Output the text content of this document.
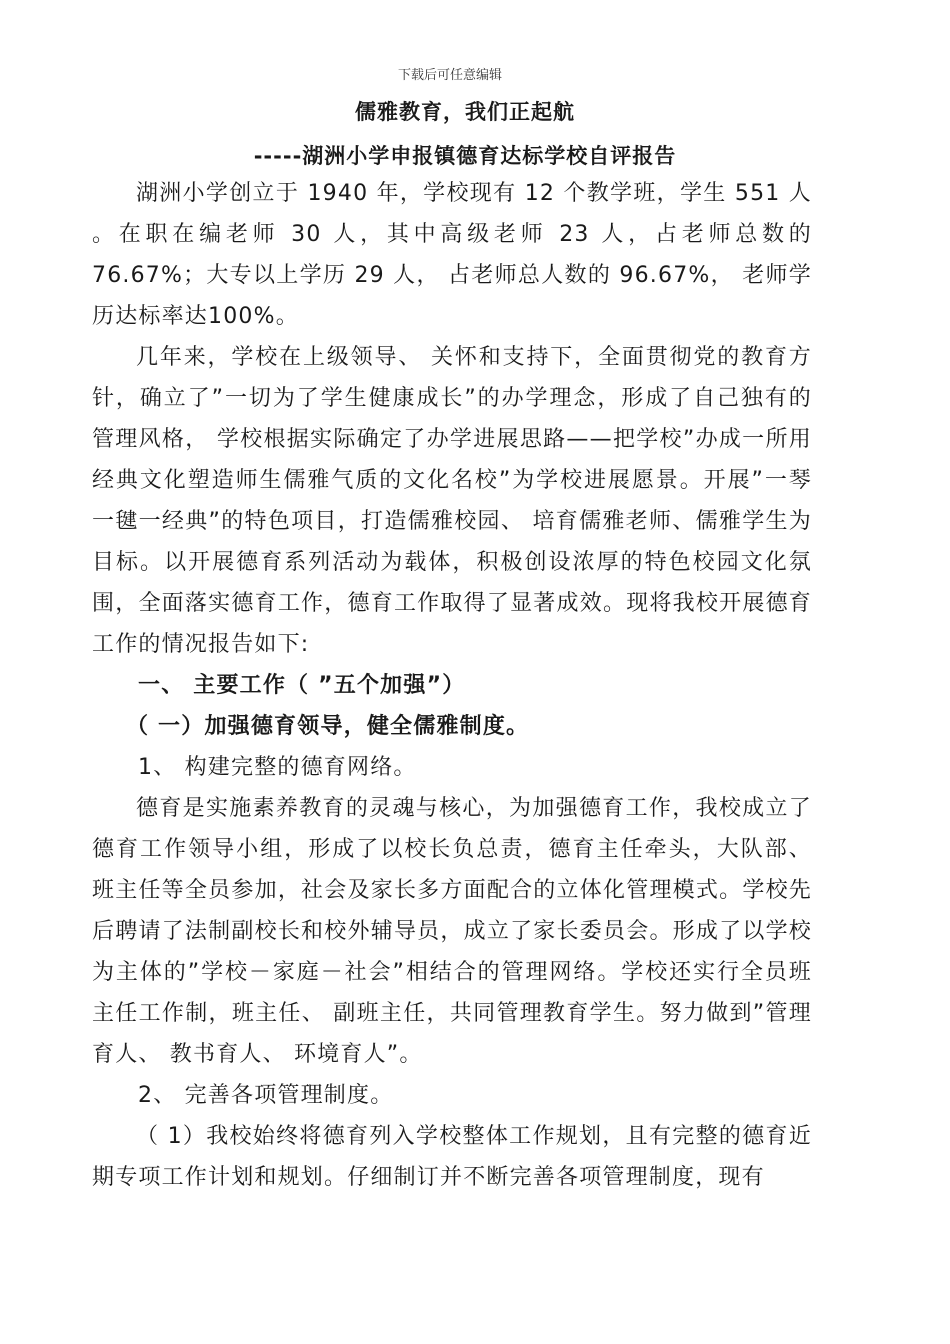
下载后可任意编辑
儒雅教育，我们正起航
-----湖洲小学申报镇德育达标学校自评报告

湖洲小学创立于 1940 年，学校现有 12 个教学班，学生 551 人 。在职在编老师 30 人，其中高级老师 23 人，占老师总数的 76.67%；大专以上学历 29 人， 占老师总人数的 96.67%， 老师学历达标率达100%。

几年来，学校在上级领导、 关怀和支持下，全面贯彻党的教育方针，确立了”一切为了学生健康成长”的办学理念，形成了自己独有的管理风格， 学校根据实际确定了办学进展思路——把学校”办成一所用经典文化塑造师生儒雅气质的文化名校”为学校进展愿景。开展”一琴一毽一经典”的特色项目，打造儒雅校园、 培育儒雅老师、儒雅学生为目标。以开展德育系列活动为载体，积极创设浓厚的特色校园文化氛围，全面落实德育工作，德育工作取得了显著成效。现将我校开展德育工作的情况报告如下:

一、 主要工作（ ”五个加强”）

（ 一）加强德育领导，健全儒雅制度。

1、 构建完整的德育网络。

德育是实施素养教育的灵魂与核心，为加强德育工作，我校成立了德育工作领导小组，形成了以校长负总责，德育主任牵头，大队部、 班主任等全员参加，社会及家长多方面配合的立体化管理模式。学校先后聘请了法制副校长和校外辅导员，成立了家长委员会。形成了以学校为主体的”学校－家庭－社会”相结合的管理网络。学校还实行全员班主任工作制，班主任、 副班主任，共同管理教育学生。努力做到”管理育人、 教书育人、 环境育人”。

2、 完善各项管理制度。

（ 1）我校始终将德育列入学校整体工作规划，且有完整的德育近期专项工作计划和规划。仔细制订并不断完善各项管理制度，现有
